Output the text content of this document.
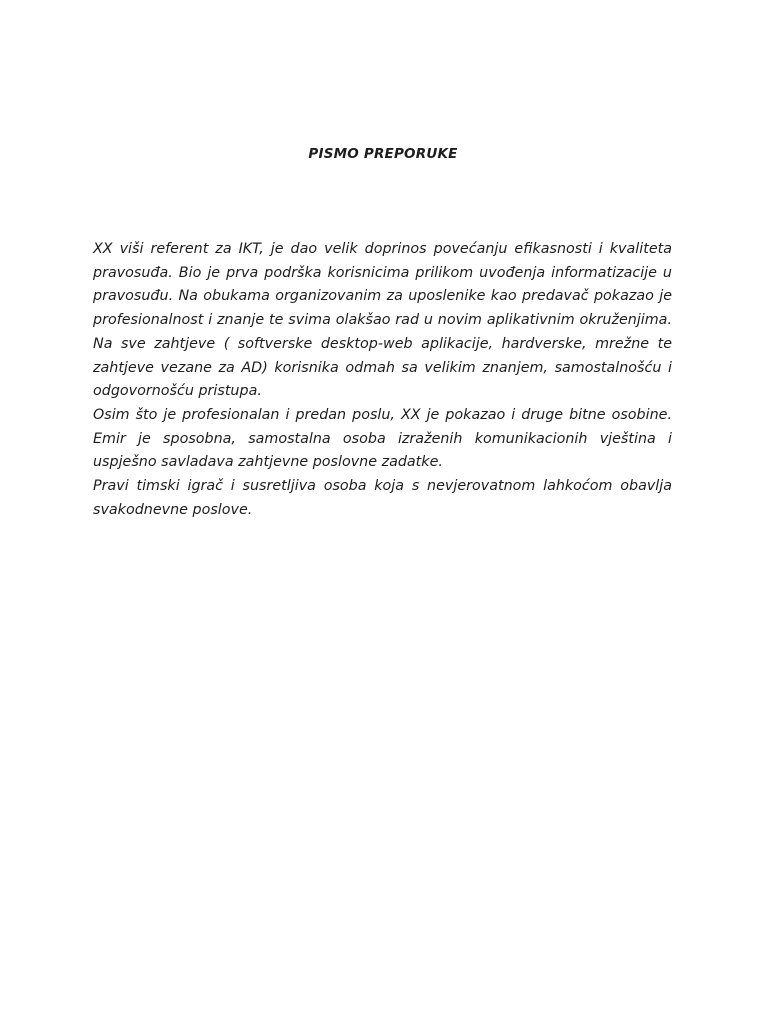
PISMO PREPORUKE

XX viši referent za IKT, je dao velik doprinos povećanju efikasnosti i kvaliteta pravosuđa. Bio je prva podrška korisnicima prilikom uvođenja informatizacije u pravosuđu. Na obukama organizovanim za uposlenike kao predavač pokazao je profesionalnost i znanje te svima olakšao rad u novim aplikativnim okruženjima. Na sve zahtjeve ( softverske desktop-web aplikacije, hardverske, mrežne te zahtjeve vezane za AD) korisnika odmah sa velikim znanjem, samostalnošću i odgovornošću pristupa.

Osim što je profesionalan i predan poslu, XX je pokazao i druge bitne osobine. Emir je sposobna, samostalna osoba izraženih komunikacionih vještina i uspješno savladava zahtjevne poslovne zadatke.

Pravi timski igrač i susretljiva osoba koja s nevjerovatnom lahkoćom obavlja svakodnevne poslove.
